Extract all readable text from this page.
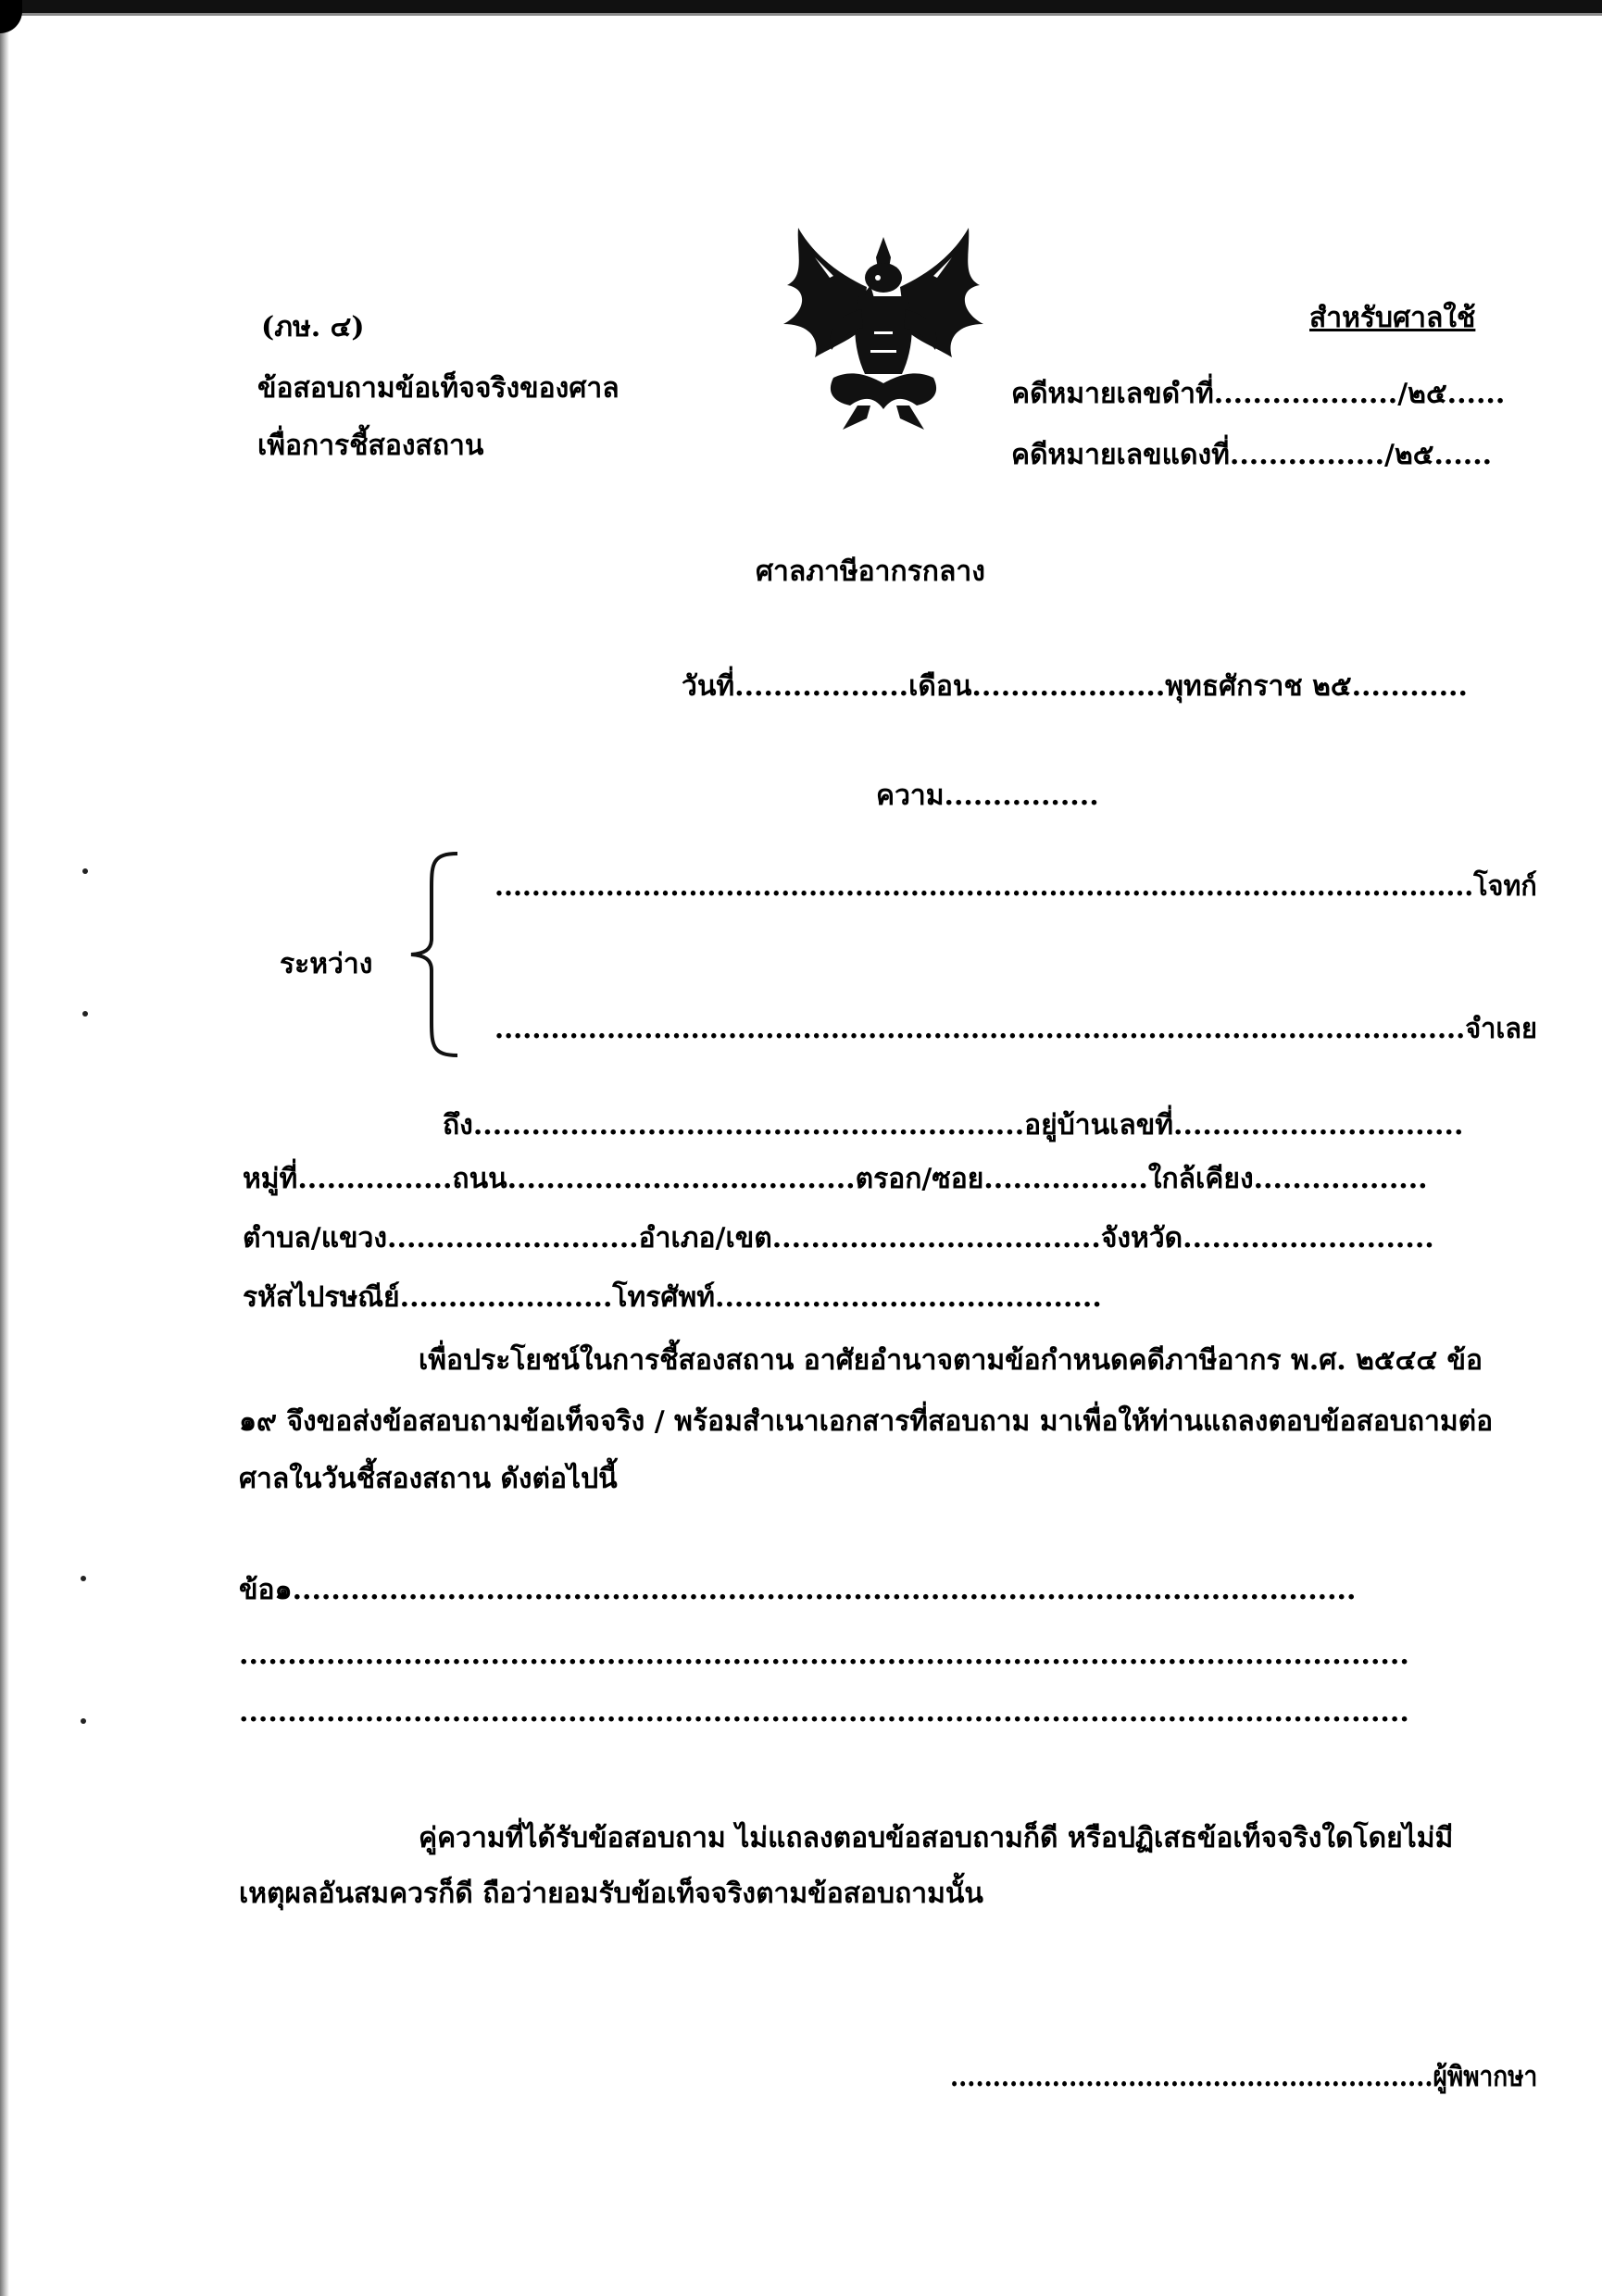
(ภษ. ๔)
ข้อสอบถามข้อเท็จจริงของศาล
เพื่อการชี้สองสถาน
สำหรับศาลใช้
คดีหมายเลขดำที่.................../๒๕......
คดีหมายเลขแดงที่................/๒๕......
ศาลภาษีอากรกลาง
วันที่..................เดือน....................พุทธศักราช ๒๕............
ความ................
..........................................................................................................โจทก์
ระหว่าง
........................................................................................................จำเลย
ถึง.........................................................อยู่บ้านเลขที่..............................
หมู่ที่................ถนน....................................ตรอก/ซอย.................ใกล้เคียง..................
ตำบล/แขวง..........................อำเภอ/เขต..................................จังหวัด..........................
รหัสไปรษณีย์......................โทรศัพท์........................................
เพื่อประโยชน์ในการชี้สองสถาน อาศัยอำนาจตามข้อกำหนดคดีภาษีอากร พ.ศ. ๒๕๔๔ ข้อ
๑๙ จึงขอส่งข้อสอบถามข้อเท็จจริง / พร้อมสำเนาเอกสารที่สอบถาม มาเพื่อให้ท่านแถลงตอบข้อสอบถามต่อ
ศาลในวันชี้สองสถาน ดังต่อไปนี้
ข้อ๑..............................................................................................................
.........................................................................................................................
.........................................................................................................................
คู่ความที่ได้รับข้อสอบถาม ไม่แถลงตอบข้อสอบถามก็ดี หรือปฏิเสธข้อเท็จจริงใดโดยไม่มี
เหตุผลอันสมควรก็ดี ถือว่ายอมรับข้อเท็จจริงตามข้อสอบถามนั้น
.........................................................ผู้พิพากษา
